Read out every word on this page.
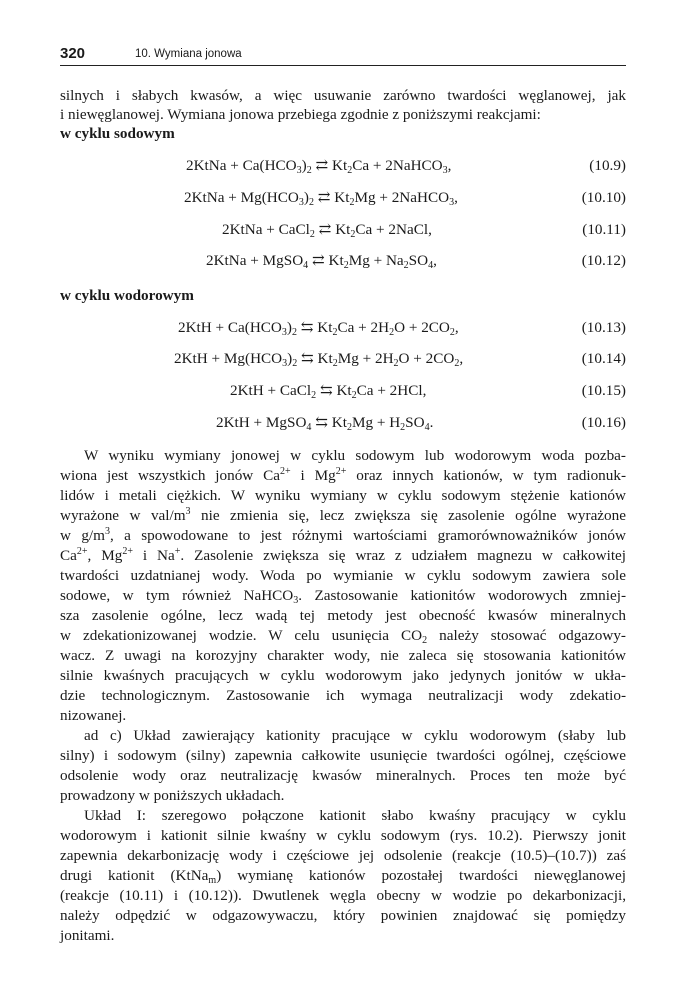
320	10. Wymiana jonowa
silnych i słabych kwasów, a więc usuwanie zarówno twardości węglanowej, jak
i niewęglanowej. Wymiana jonowa przebiega zgodnie z poniższymi reakcjami:
w cyklu sodowym
2KtNa + $Ca(HCO_3)_2$ ⇄ $Kt_2Ca$ + 2NaHCO$_3$,	(10.9)
2KtNa + $Mg(HCO_3)_2$ ⇄ $Kt_2Mg$ + 2NaHCO$_3$,	(10.10)
2KtNa + CaCl$_2$ ⇄ $Kt_2Ca$ + 2NaCl,	(10.11)
2KtNa + MgSO$_4$ ⇄ $Kt_2Mg + Na_2SO_4$,	(10.12)
w cyklu wodorowym
$2KtH + Ca(HCO_3)_2$ ⇆ $Kt_2Ca + 2H_2O + 2CO_2$,	(10.13)
$2KtH + Mg(HCO_3)_2$ ⇆ $Kt_2Mg + 2H_2O + 2CO_2$,	(10.14)
2KtH + CaCl$_2$ ⇆ $Kt_2Ca + 2HCl$,	(10.15)
2KtH + MgSO$_4$ ⇆ $Kt_2Mg + H_2SO_4$.	(10.16)
W wyniku wymiany jonowej w cyklu sodowym lub wodorowym woda pozba-
wiona jest wszystkich jonów $Ca^{2+}$ i $Mg^{2+}$ oraz innych kationów, w tym radionuk-
lidów i metali ciężkich. W wyniku wymiany w cyklu sodowym stężenie kationów
wyrażone w val/$m^3$ nie zmienia się, lecz zwiększa się zasolenie ogólne wyrażone
w $g/m^3$, a spowodowane to jest różnymi wartościami gramorównoważników jonów
$Ca^{2+}$, $Mg^{2+}$ i Na+. Zasolenie zwiększa się wraz z udziałem magnezu w całkowitej
twardości uzdatnianej wody. Woda po wymianie w cyklu sodowym zawiera sole
sodowe, w tym również NaHCO$_3$. Zastosowanie kationitów wodorowych zmniej-
sza zasolenie ogólne, lecz wadą tej metody jest obecność kwasów mineralnych
w zdekationizowanej wodzie. W celu usunięcia $CO_2$ należy stosować odgazowy-
wacz. Z uwagi na korozyjny charakter wody, nie zaleca się stosowania kationitów
silnie kwaśnych pracujących w cyklu wodorowym jako jedynych jonitów w ukła-
dzie technologicznym. Zastosowanie ich wymaga neutralizacji wody zdekatio-
nizowanej.
ad c) Układ zawierający kationity pracujące w cyklu wodorowym (słaby lub
silny) i sodowym (silny) zapewnia całkowite usunięcie twardości ogólnej, częściowe
odsolenie wody oraz neutralizację kwasów mineralnych. Proces ten może być
prowadzony w poniższych układach.
Układ I: szeregowo połączone kationit słabo kwaśny pracujący w cyklu
wodorowym i kationit silnie kwaśny w cyklu sodowym (rys. 10.2). Pierwszy jonit
zapewnia dekarbonizację wody i częściowe jej odsolenie (reakcje (10.5)–(10.7)) zaś
drugi kationit (KtNa$_m$) wymianę kationów pozostałej twardości niewęglanowej
(reakcje (10.11) i (10.12)). Dwutlenek węgla obecny w wodzie po dekarbonizacji,
należy odpędzić w odgazowywaczu, który powinien znajdować się pomiędzy
jonitami.
